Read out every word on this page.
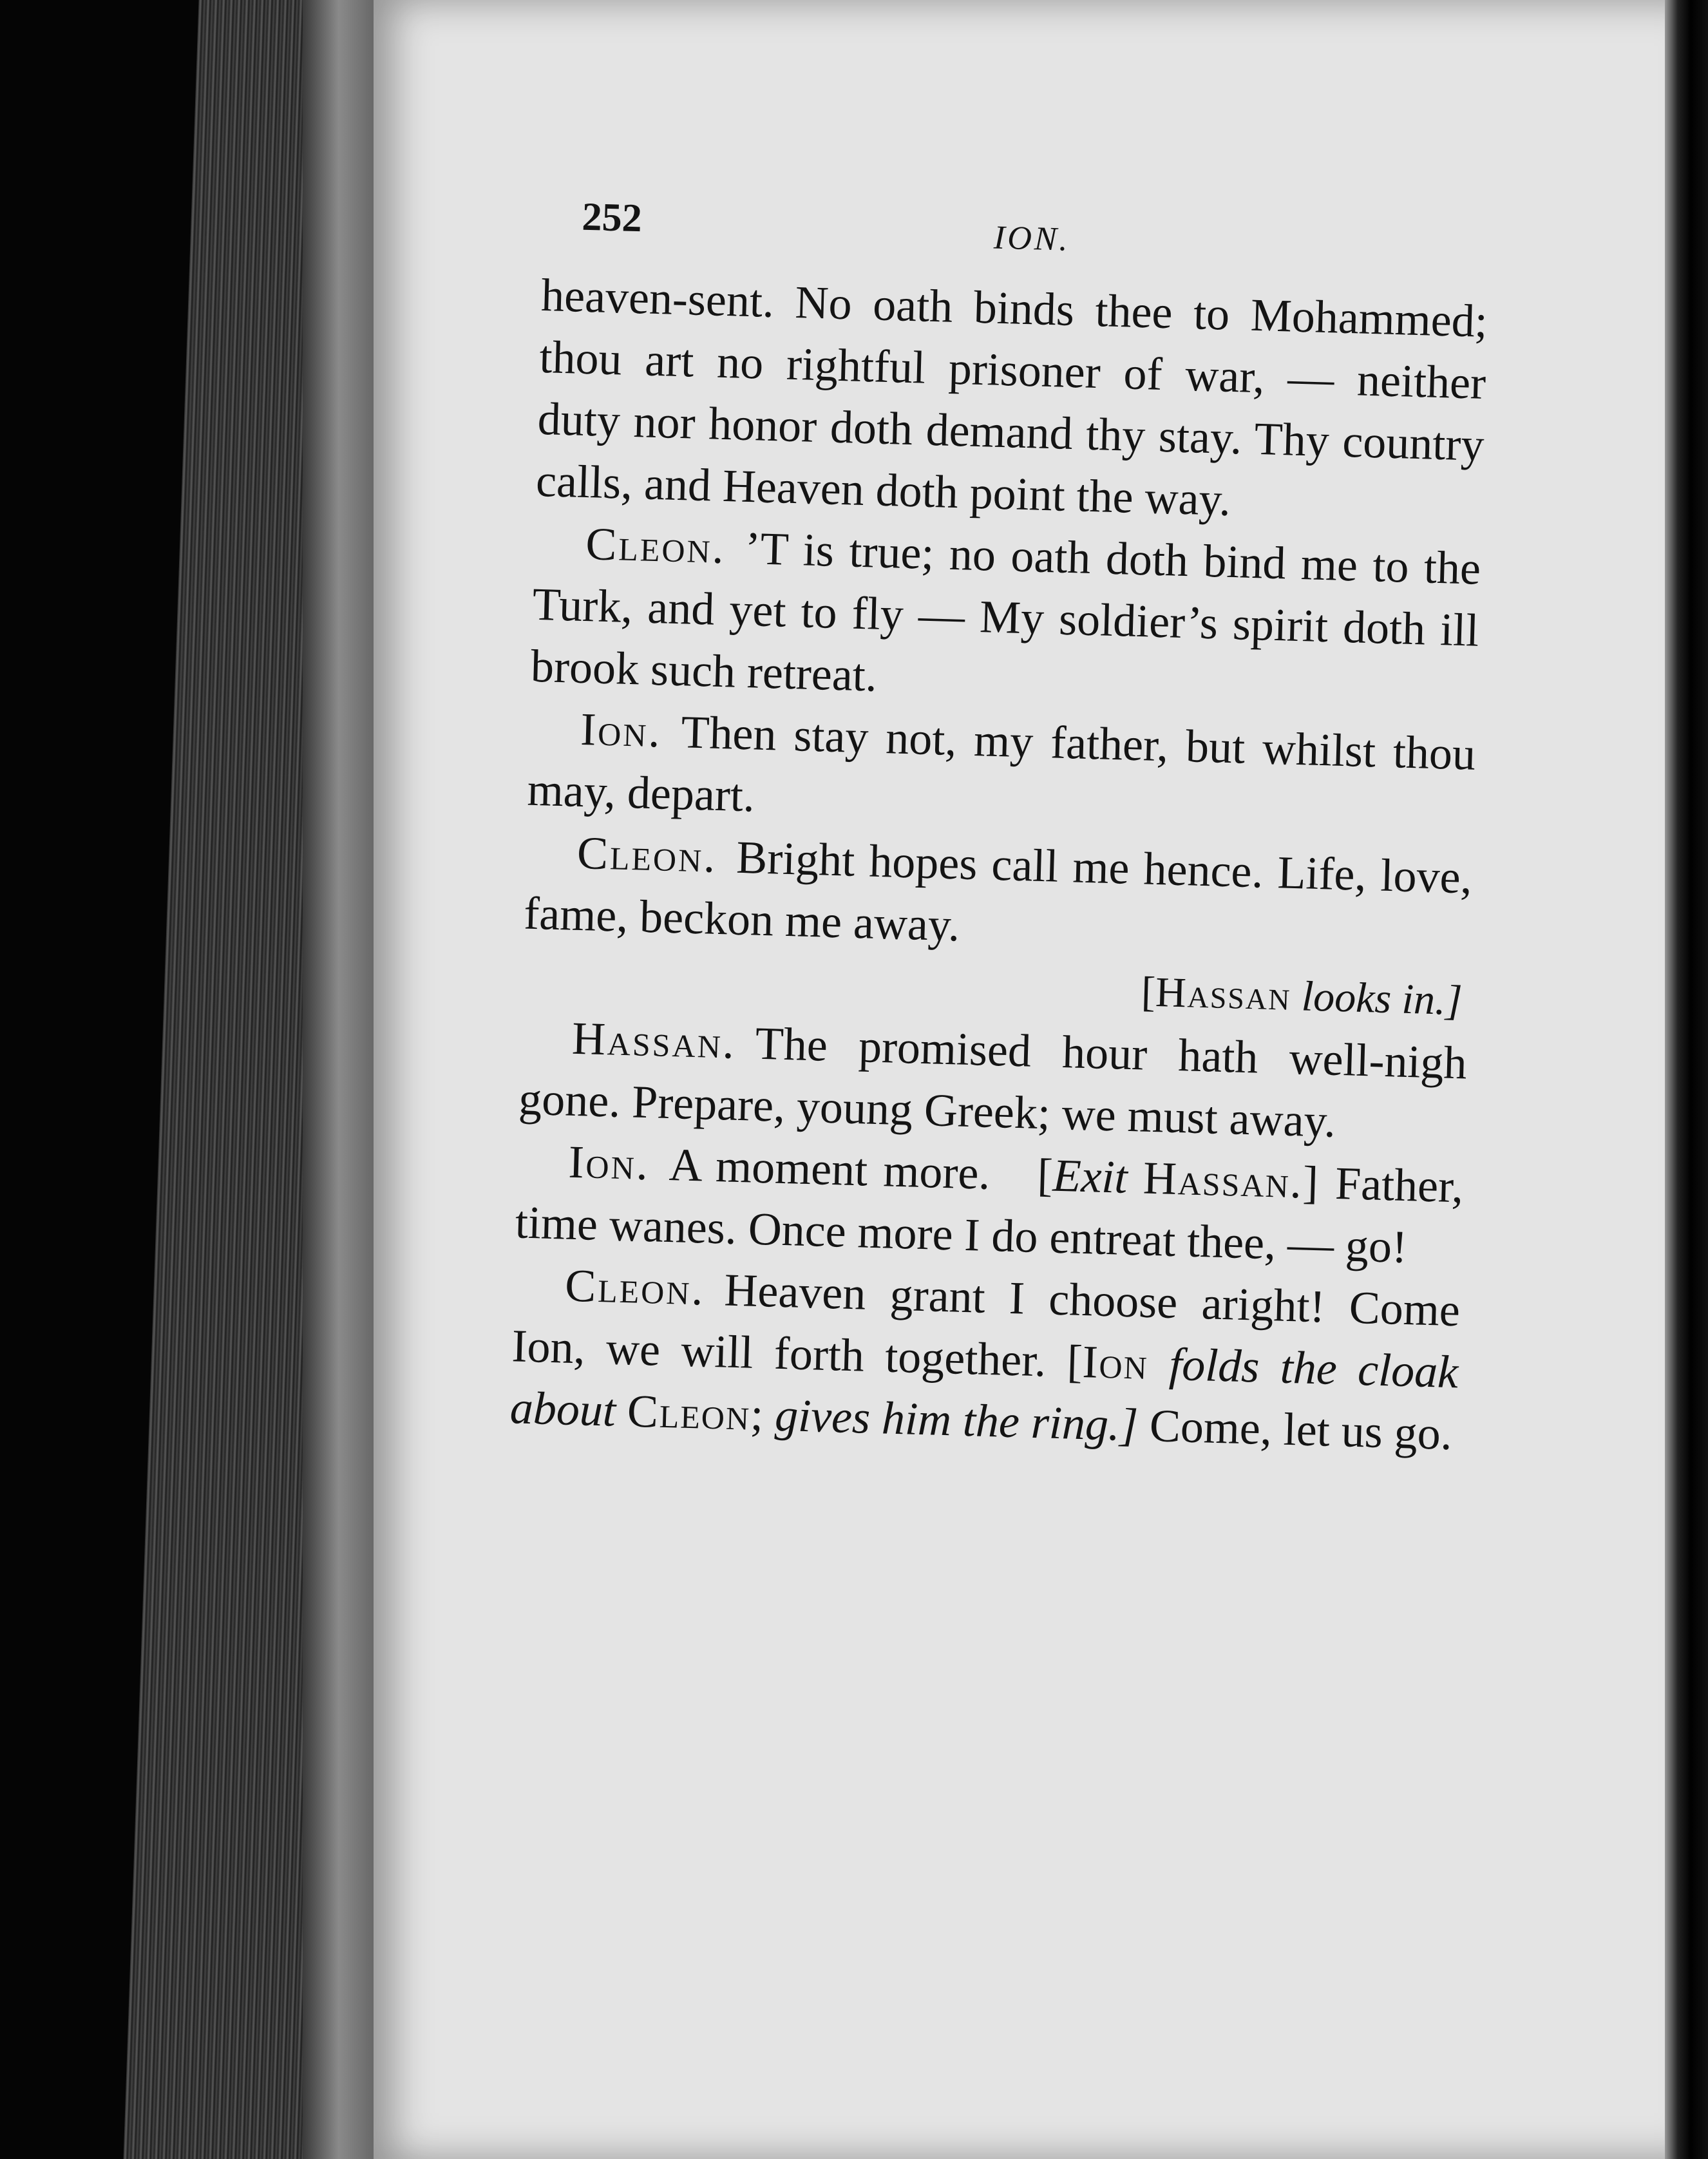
252	ION.

heaven-sent. No oath binds thee to Mohammed; thou art no rightful prisoner of war, — neither duty nor honor doth demand thy stay. Thy country calls, and Heaven doth point the way.

Cleon. ’T is true; no oath doth bind me to the Turk, and yet to fly — My soldier’s spirit doth ill brook such retreat.

Ion. Then stay not, my father, but whilst thou may, depart.

Cleon. Bright hopes call me hence. Life, love, fame, beckon me away.

[Hassan looks in.]

Hassan. The promised hour hath well-nigh gone. Prepare, young Greek; we must away.

Ion. A moment more. [Exit Hassan.] Father, time wanes. Once more I do entreat thee, — go!

Cleon. Heaven grant I choose aright! Come Ion, we will forth together. [Ion folds the cloak about Cleon; gives him the ring.] Come, let us go.
